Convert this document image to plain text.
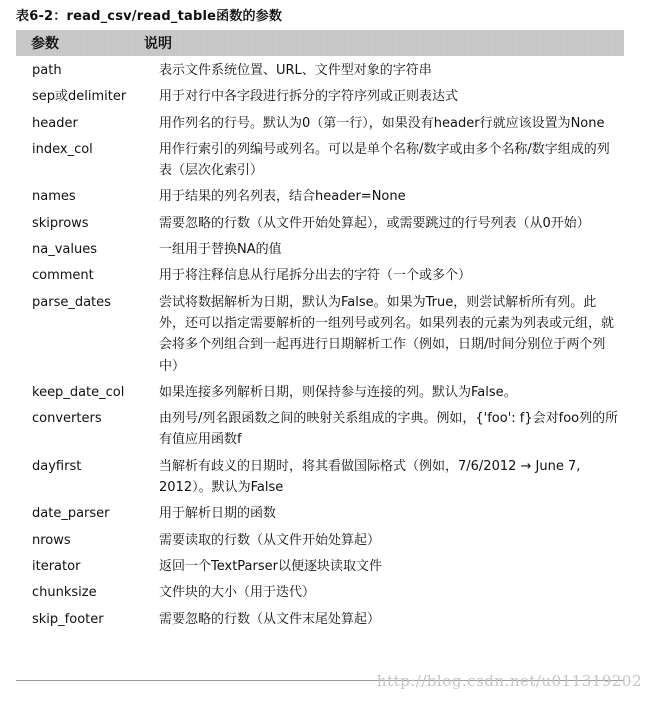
表6-2：read_csv/read_table函数的参数
参数	说明
path	表示文件系统位置、URL、文件型对象的字符串
sep或delimiter	用于对行中各字段进行拆分的字符序列或正则表达式
header	用作列名的行号。默认为0（第一行），如果没有header行就应该设置为None
index_col	用作行索引的列编号或列名。可以是单个名称/数字或由多个名称/数字组成的列表（层次化索引）
names	用于结果的列名列表，结合header=None
skiprows	需要忽略的行数（从文件开始处算起），或需要跳过的行号列表（从0开始）
na_values	一组用于替换NA的值
comment	用于将注释信息从行尾拆分出去的字符（一个或多个）
parse_dates	尝试将数据解析为日期，默认为False。如果为True，则尝试解析所有列。此外，还可以指定需要解析的一组列号或列名。如果列表的元素为列表或元组，就会将多个列组合到一起再进行日期解析工作（例如，日期/时间分别位于两个列中）
keep_date_col	如果连接多列解析日期，则保持参与连接的列。默认为False。
converters	由列号/列名跟函数之间的映射关系组成的字典。例如，{'foo': f}会对foo列的所有值应用函数f
dayfirst	当解析有歧义的日期时，将其看做国际格式（例如，7/6/2012 → June 7, 2012）。默认为False
date_parser	用于解析日期的函数
nrows	需要读取的行数（从文件开始处算起）
iterator	返回一个TextParser以便逐块读取文件
chunksize	文件块的大小（用于迭代）
skip_footer	需要忽略的行数（从文件末尾处算起）
http://blog.csdn.net/u011319202
